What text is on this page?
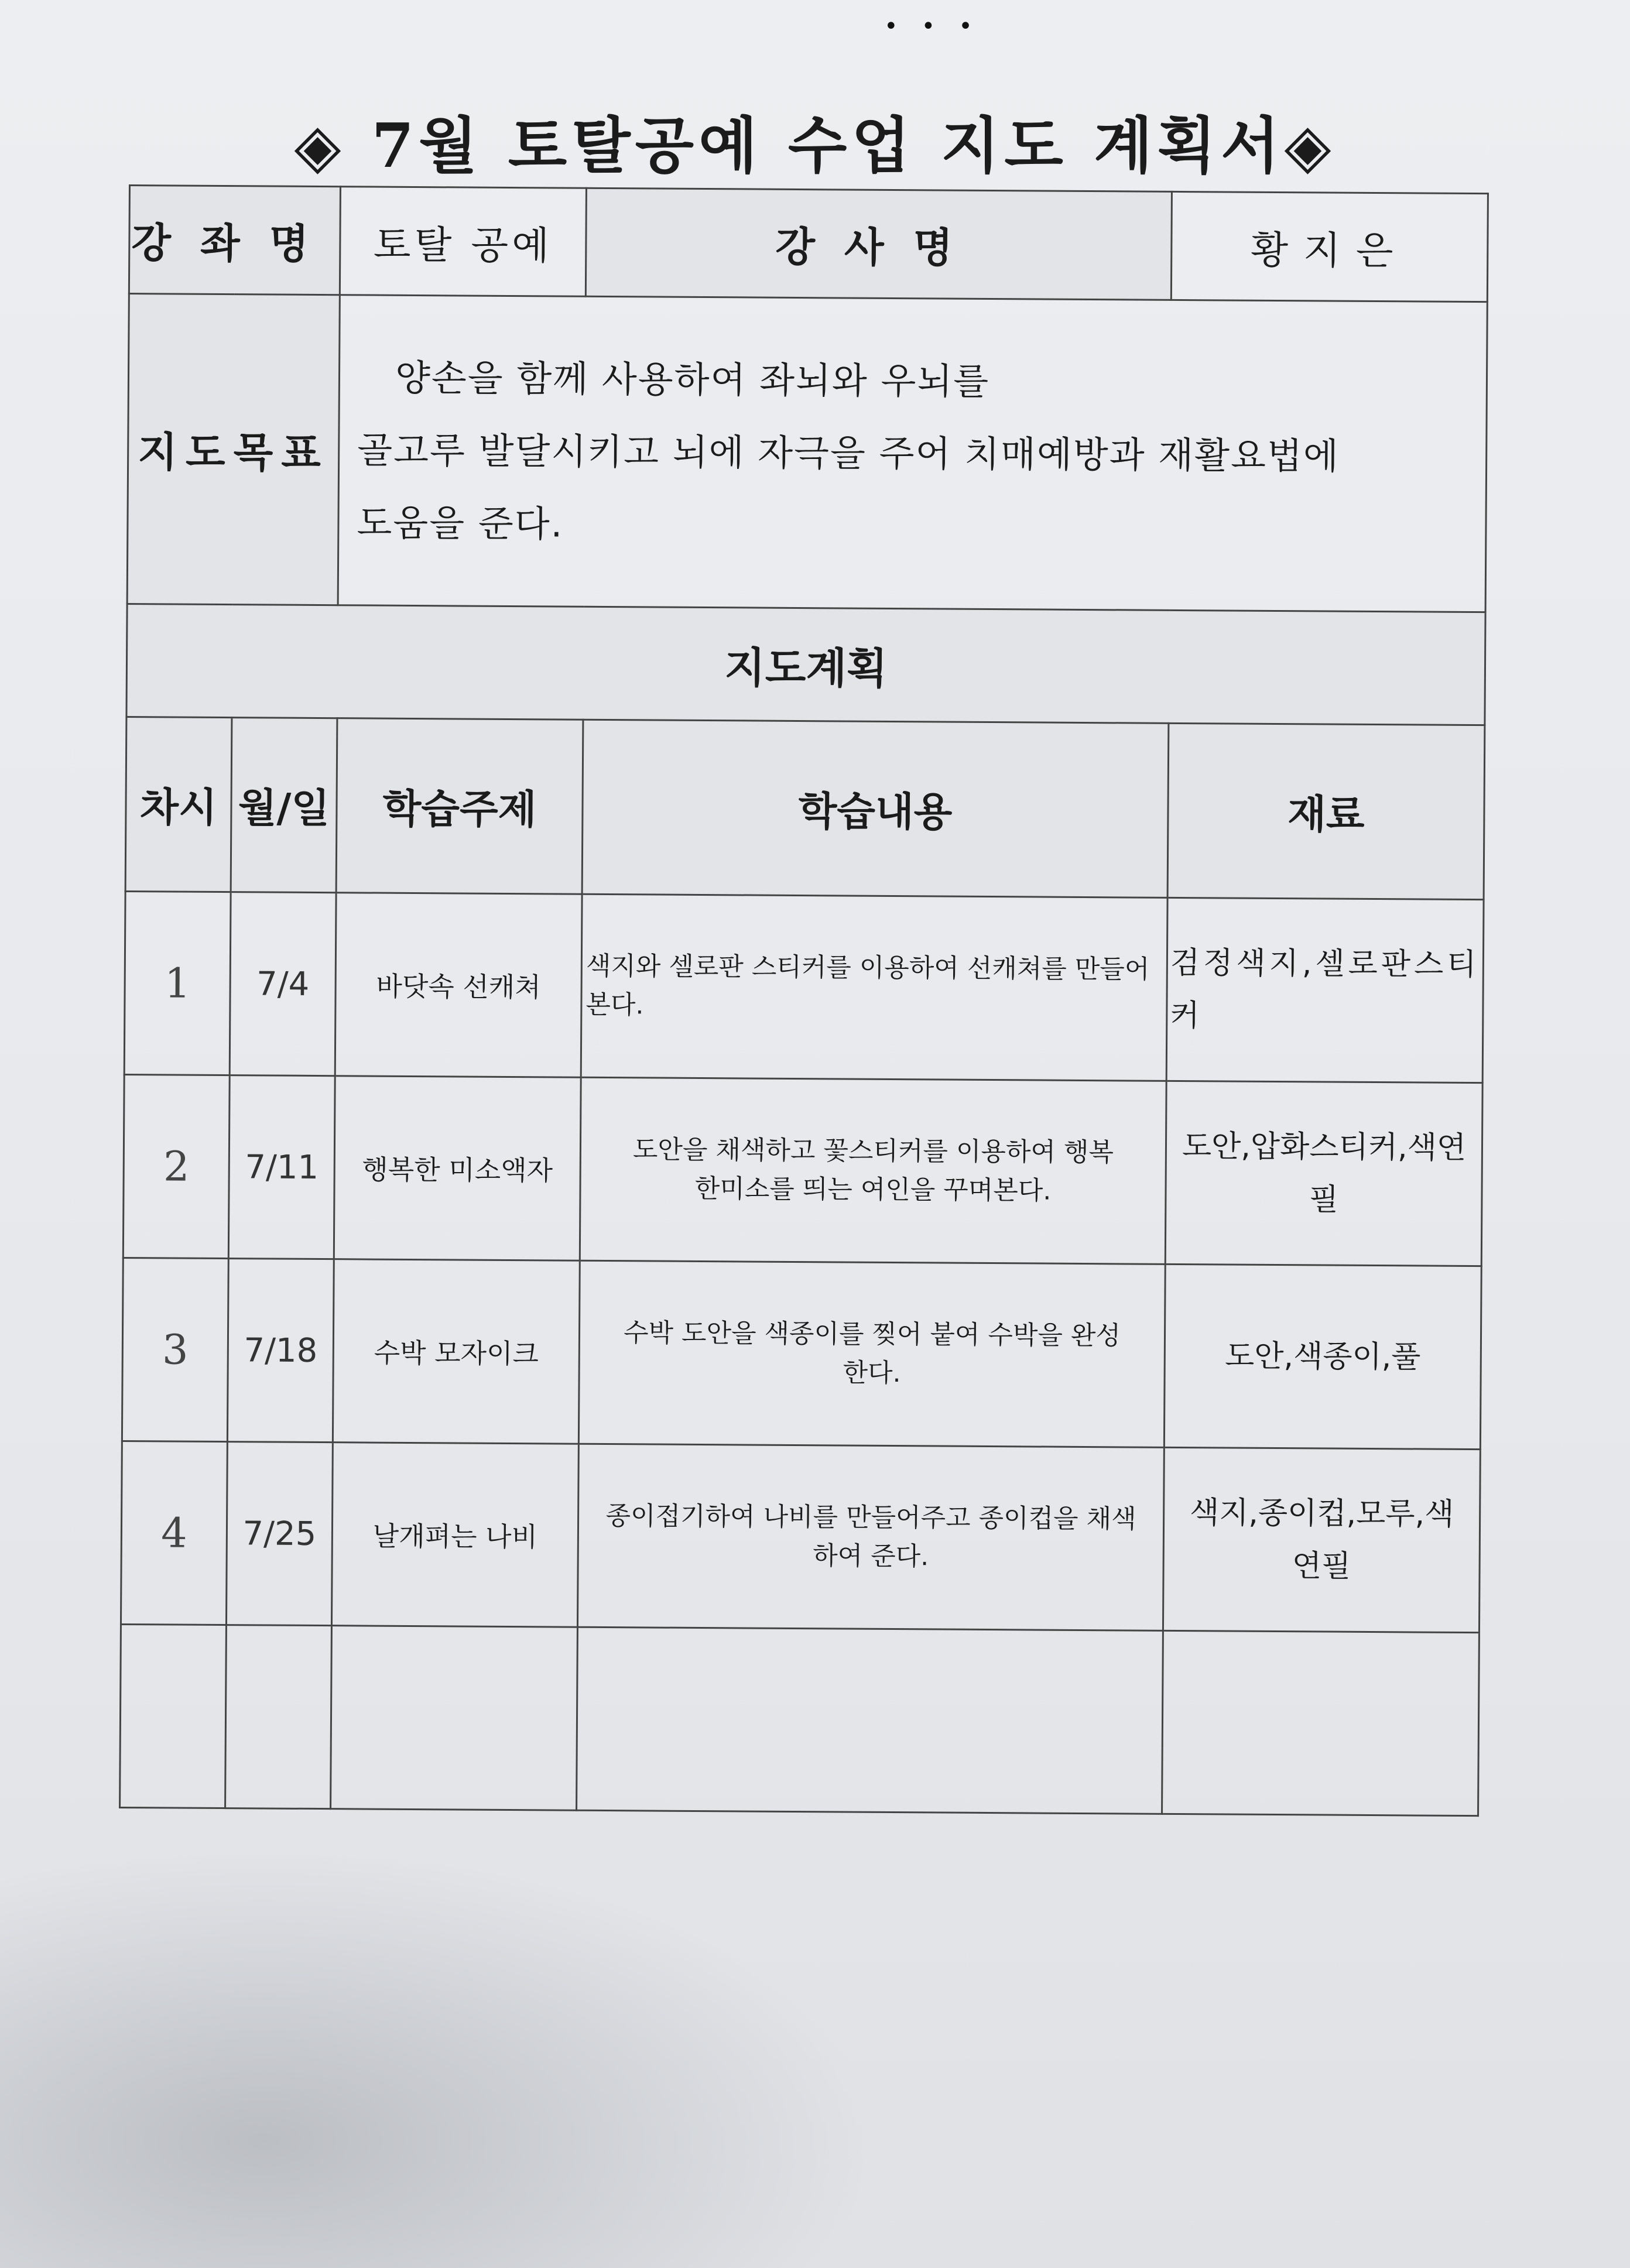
•••
◈ 7월 토탈공예 수업 지도 계획서◈
강좌명		토탈 공예	강사명	황지은
지도목표		　양손을 함께 사용하여 좌뇌와 우뇌를
골고루 발달시키고 뇌에 자극을 주어 치매예방과 재활요법에
도움을 준다.		

지도계획				
차시	월/일	학습주제	학습내용	재료
1	7/4	바닷속 선캐쳐	색지와 셀로판 스티커를 이용하여 선캐쳐를 만들어본다.	검정색지,셀로판스티커
2	7/11	행복한 미소액자	도안을 채색하고 꽃스티커를 이용하여 행복한미소를 띄는 여인을 꾸며본다.	도안,압화스티커,색연필
3	7/18	수박 모자이크	수박 도안을 색종이를 찢어 붙여 수박을 완성한다.	도안,색종이,풀
4	7/25	날개펴는 나비	종이접기하여 나비를 만들어주고 종이컵을 채색하여 준다.	색지,종이컵,모루,색연필
